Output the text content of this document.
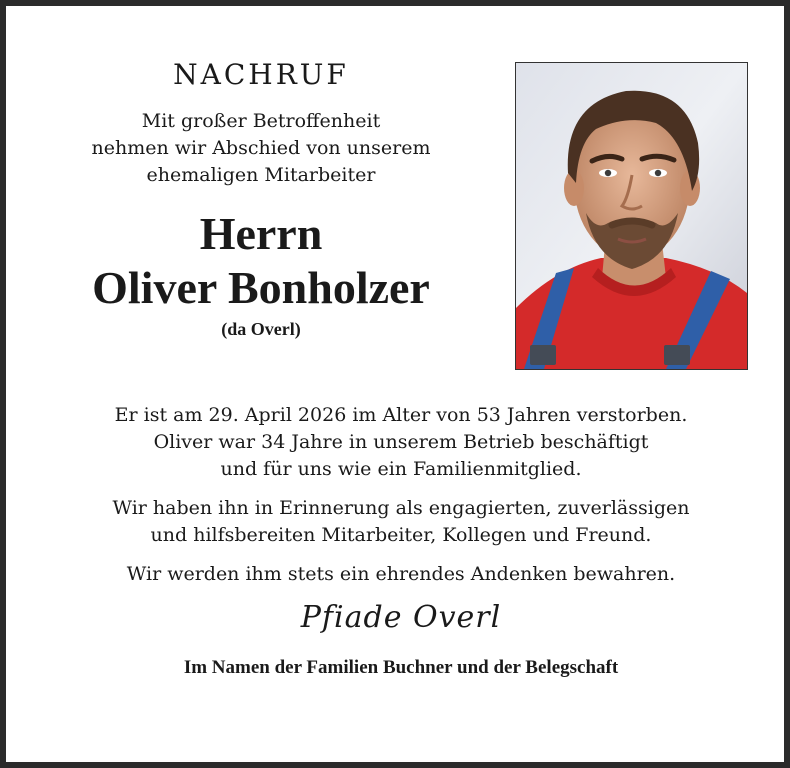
NACHRUF
Mit großer Betroffenheit
nehmen wir Abschied von unserem
ehemaligen Mitarbeiter
Herrn
Oliver Bonholzer
(da Overl)
Er ist am 29. April 2026 im Alter von 53 Jahren verstorben.
Oliver war 34 Jahre in unserem Betrieb beschäftigt
und für uns wie ein Familienmitglied.
Wir haben ihn in Erinnerung als engagierten, zuverlässigen
und hilfsbereiten Mitarbeiter, Kollegen und Freund.
Wir werden ihm stets ein ehrendes Andenken bewahren.
Pfiade Overl
Im Namen der Familien Buchner und der Belegschaft
